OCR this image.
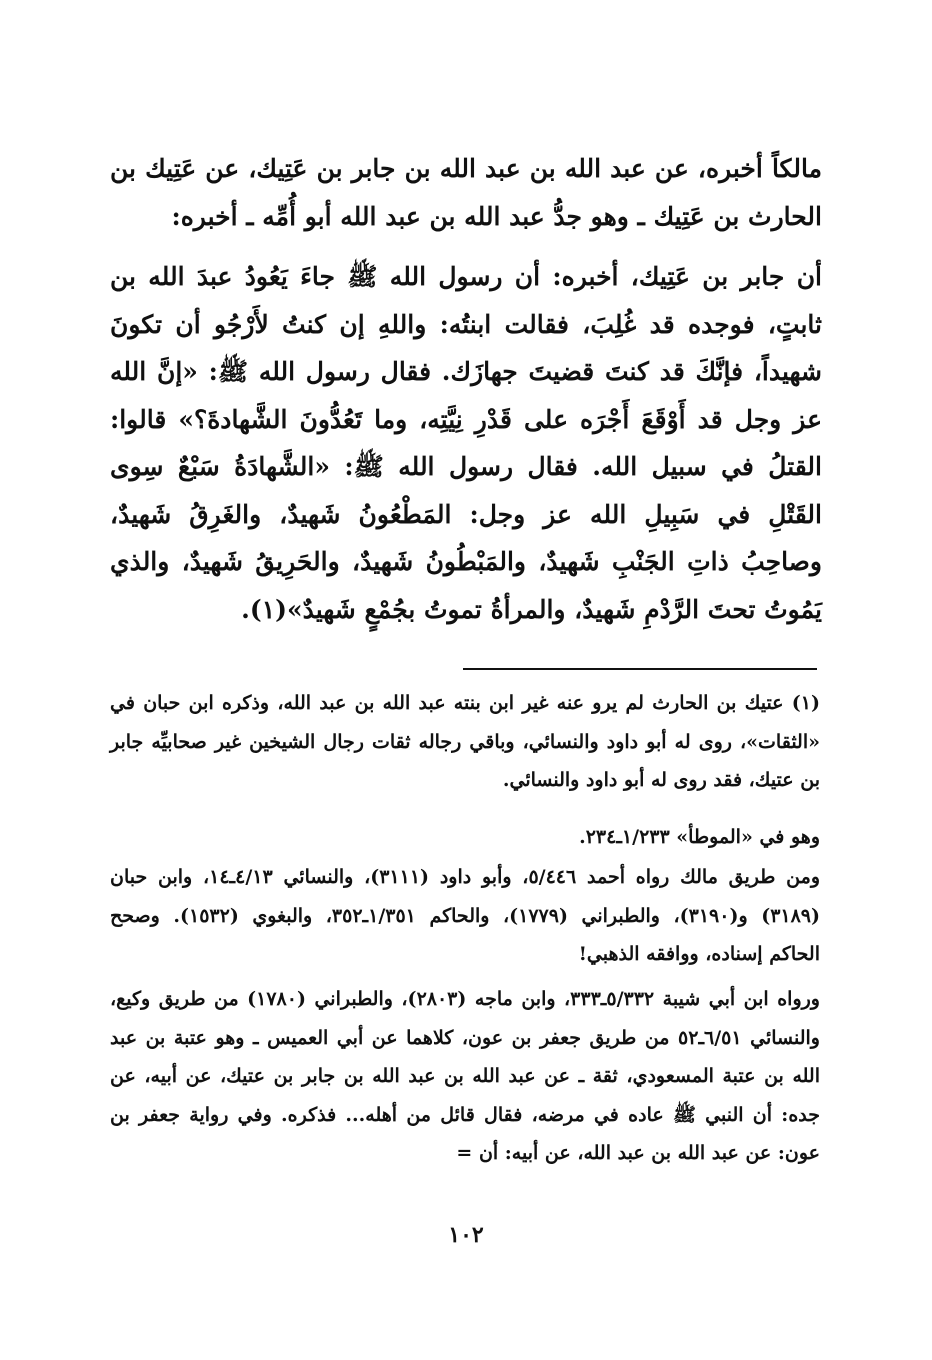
مالكاً أخبره، عن عبد الله بن عبد الله بن جابر بن عَتِيك، عن عَتِيك بن الحارث بن عَتِيك ـ وهو جدُّ عبد الله بن عبد الله أبو أُمِّه ـ أخبره:

أن جابر بن عَتِيك، أخبره: أن رسول الله ﷺ جاءَ يَعُودُ عبدَ الله بن ثابتٍ، فوجده قد غُلِبَ، فقالت ابنتُه: واللهِ إن كنتُ لأَرْجُو أن تكونَ شهيداً، فإنَّكَ قد كنتَ قضيتَ جهازَك. فقال رسول الله ﷺ: «إنَّ الله عز وجل قد أَوْقَعَ أَجْرَه على قَدْرِ نِيَّتِه، وما تَعُدُّونَ الشَّهادةَ؟» قالوا: القتلُ في سبيل الله. فقال رسول الله ﷺ: «الشَّهادَةُ سَبْعٌ سِوى القَتْلِ في سَبِيلِ الله عز وجل: المَطْعُونُ شَهيدٌ، والغَرِقُ شَهيدٌ، وصاحِبُ ذاتِ الجَنْبِ شَهيدٌ، والمَبْطُونُ شَهيدٌ، والحَرِيقُ شَهيدٌ، والذي يَمُوتُ تحتَ الرَّدْمِ شَهيدٌ، والمرأةُ تموتُ بجُمْعٍ شَهيدٌ»(١).

(١) عتيك بن الحارث لم يرو عنه غير ابن بنته عبد الله بن عبد الله، وذكره ابن حبان في «الثقات»، روى له أبو داود والنسائي، وباقي رجاله ثقات رجال الشيخين غير صحابيِّه جابر بن عتيك، فقد روى له أبو داود والنسائي.

وهو في «الموطأ» ١/٢٣٣ـ٢٣٤.

ومن طريق مالك رواه أحمد ٥/٤٤٦، وأبو داود (٣١١١)، والنسائي ٤/١٣ـ١٤، وابن حبان (٣١٨٩) و(٣١٩٠)، والطبراني (١٧٧٩)، والحاكم ١/٣٥١ـ٣٥٢، والبغوي (١٥٣٢). وصحح الحاكم إسناده، ووافقه الذهبي!

ورواه ابن أبي شيبة ٥/٣٣٢ـ٣٣٣، وابن ماجه (٢٨٠٣)، والطبراني (١٧٨٠) من طريق وكيع، والنسائي ٦/٥١ـ٥٢ من طريق جعفر بن عون، كلاهما عن أبي العميس ـ وهو عتبة بن عبد الله بن عتبة المسعودي، ثقة ـ عن عبد الله بن عبد الله بن جابر بن عتيك، عن أبيه، عن جده: أن النبي ﷺ عاده في مرضه، فقال قائل من أهله... فذكره. وفي رواية جعفر بن عون: عن عبد الله بن عبد الله، عن أبيه: أن =

١٠٢
